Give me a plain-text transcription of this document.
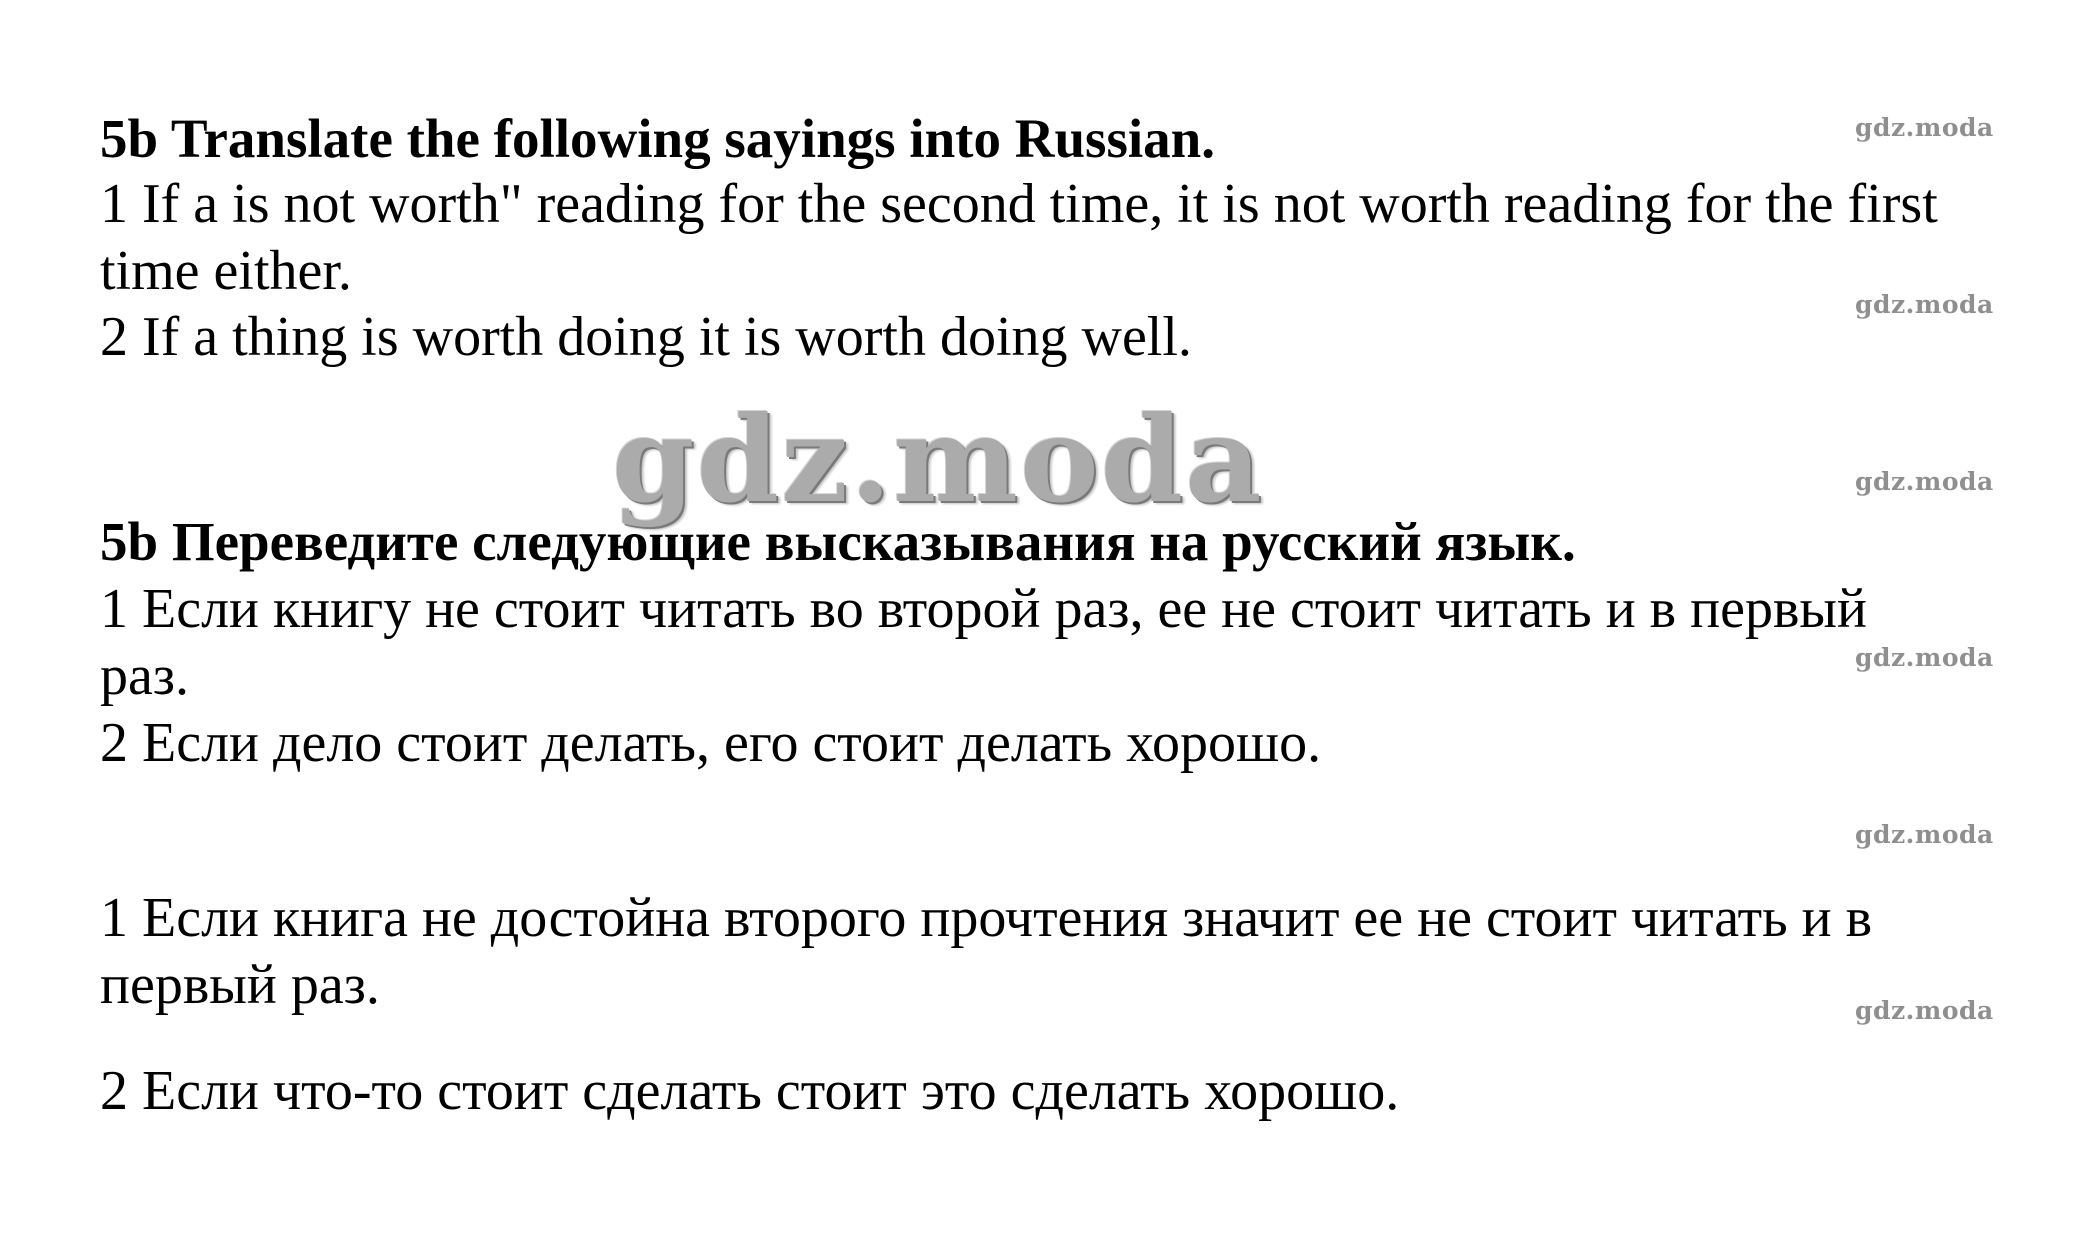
gdz.moda
gdz.moda
gdz.moda
gdz.moda
gdz.moda
gdz.moda
gdz.moda
5b Translate the following sayings into Russian.
1 If a is not worth" reading for the second time, it is not worth reading for the first
time either.
2 If a thing is worth doing it is worth doing well.
5b Переведите следующие высказывания на русский язык.
1 Если книгу не стоит читать во второй раз, ее не стоит читать и в первый
раз.
2 Если дело стоит делать, его стоит делать хорошо.
1 Если книга не достойна второго прочтения значит ее не стоит читать и в
первый раз.
2 Если что-то стоит сделать стоит это сделать хорошо.
